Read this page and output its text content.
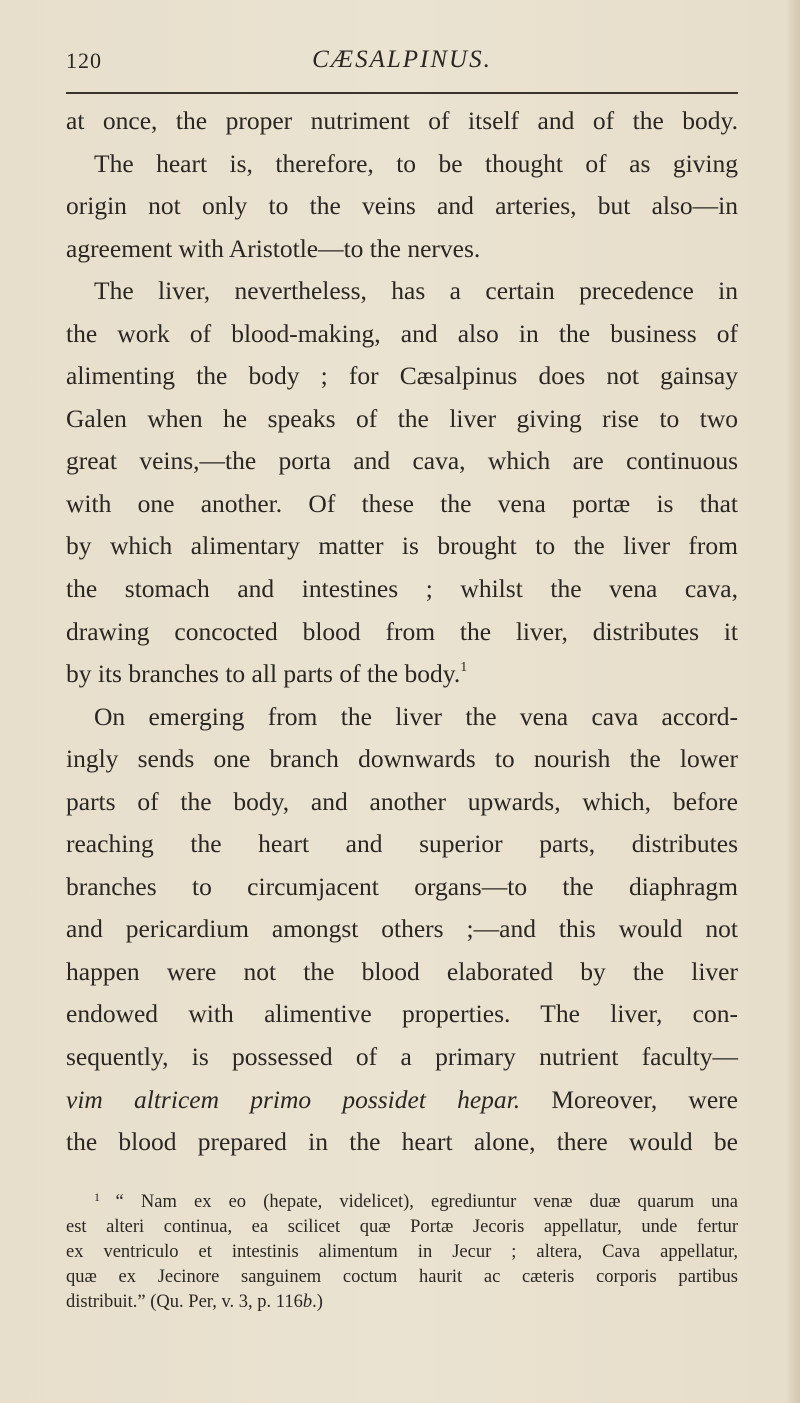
120	CÆSALPINUS.
at once, the proper nutriment of itself and of the body.
The heart is, therefore, to be thought of as giving
origin not only to the veins and arteries, but also—in
agreement with Aristotle—to the nerves.
The liver, nevertheless, has a certain precedence in
the work of blood-making, and also in the business of
alimenting the body ; for Cæsalpinus does not gainsay
Galen when he speaks of the liver giving rise to two
great veins,—the porta and cava, which are continuous
with one another. Of these the vena portæ is that
by which alimentary matter is brought to the liver from
the stomach and intestines ; whilst the vena cava,
drawing concocted blood from the liver, distributes it
by its branches to all parts of the body.$^1$
On emerging from the liver the vena cava accord-
ingly sends one branch downwards to nourish the lower
parts of the body, and another upwards, which, before
reaching the heart and superior parts, distributes
branches to circumjacent organs—to the diaphragm
and pericardium amongst others ;—and this would not
happen were not the blood elaborated by the liver
endowed with alimentive properties. The liver, con-
sequently, is possessed of a primary nutrient faculty—
vim altricem primo possidet hepar. Moreover, were
the blood prepared in the heart alone, there would be
$^1$ “ Nam ex eo (hepate, videlicet), egrediuntur venæ duæ quarum una
est alteri continua, ea scilicet quæ Portæ Jecoris appellatur, unde fertur
ex ventriculo et intestinis alimentum in Jecur ; altera, Cava appellatur,
quæ ex Jecinore sanguinem coctum haurit ac cæteris corporis partibus
distribuit.” (Qu. Per, v. 3, p. 116b.)
